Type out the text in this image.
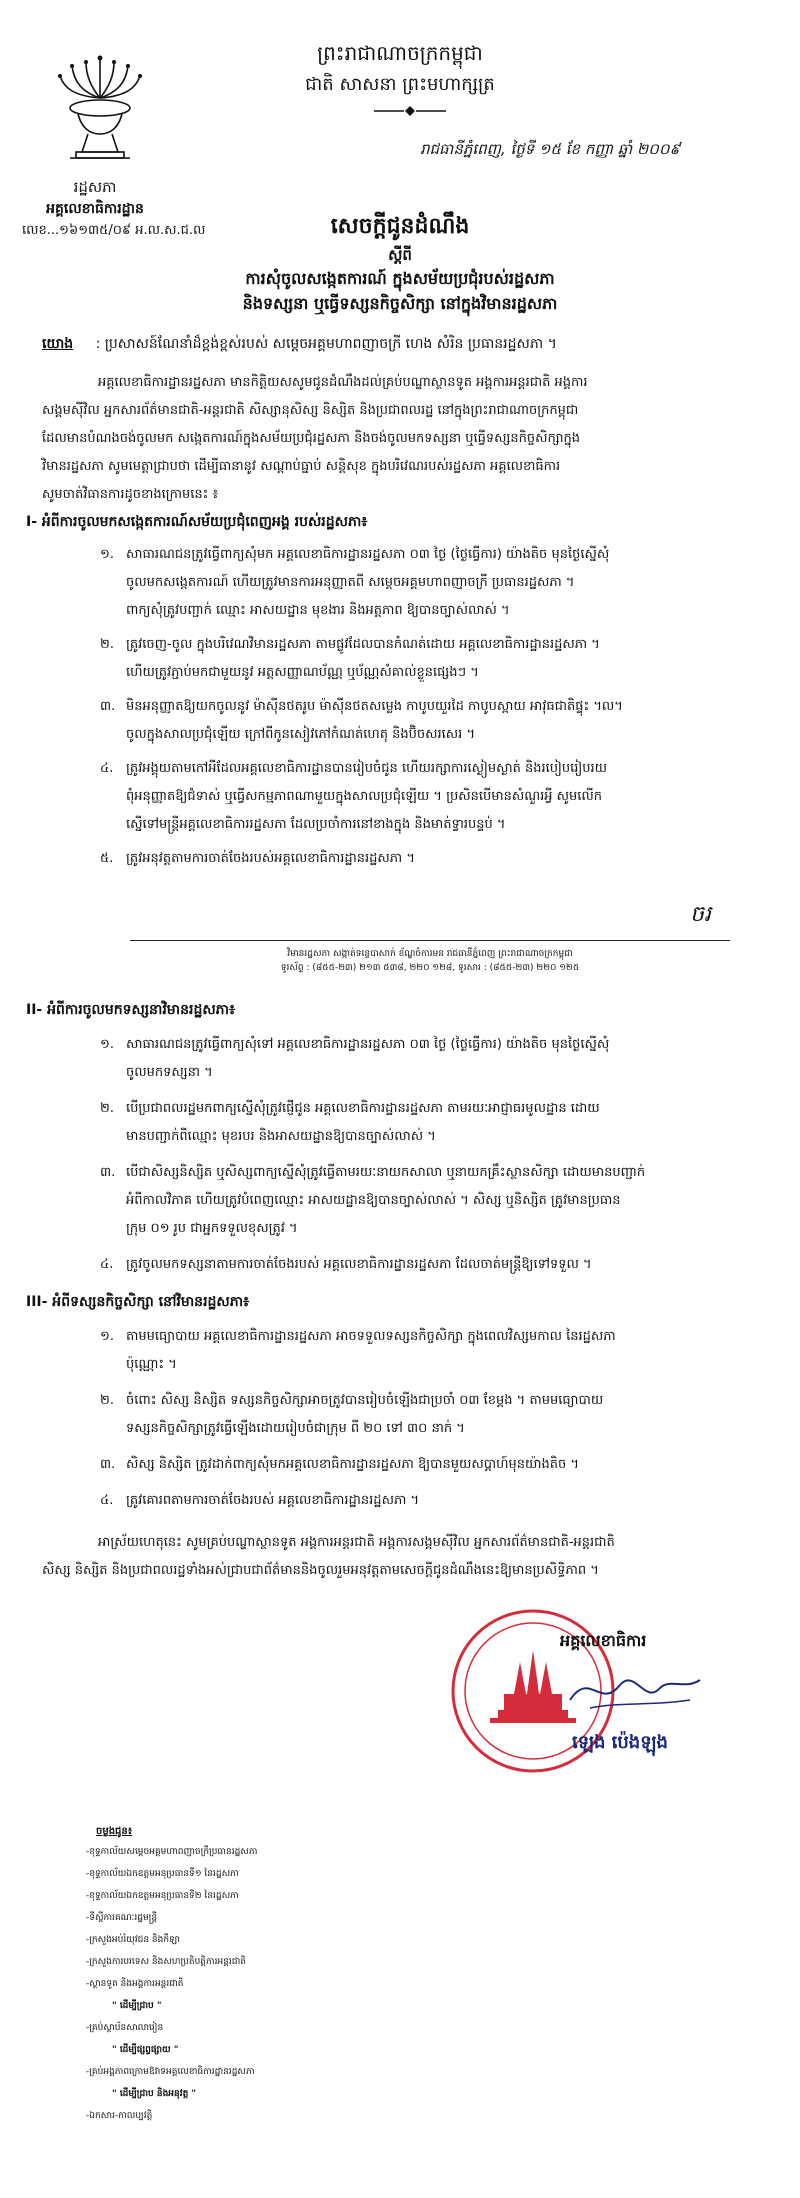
ព្រះរាជាណាចក្រកម្ពុជា
ជាតិ សាសនា ព្រះមហាក្សត្រ
រដ្ឋសភា
អគ្គលេខាធិការដ្ឋាន
លេខ...១៦១៣៥/០៩ អ.ល.ស.ជ.ល
រាជធានីភ្នំពេញ, ថ្ងៃទី ១៥ ខែ កញ្ញា ឆ្នាំ ២០០៩
សេចក្តីជូនដំណឹង
ស្តីពី
ការសុំចូលសង្កេតការណ៍ ក្នុងសម័យប្រជុំរបស់រដ្ឋសភា
និងទស្សនា ឬធ្វើទស្សនកិច្ចសិក្សា នៅក្នុងវិមានរដ្ឋសភា
យោង : ប្រសាសន៍ណែនាំដ៏ខ្ពង់ខ្ពស់របស់ សម្តេចអគ្គមហាពញាចក្រី ហេង សំរិន ប្រធានរដ្ឋសភា ។
អគ្គលេខាធិការដ្ឋានរដ្ឋសភា មានកិត្តិយសសូមជូនដំណឹងដល់គ្រប់បណ្ឌាស្ថានទូត អង្គការអន្តរជាតិ អង្គការ
សង្គមស៊ីវិល អ្នកសារព័ត៌មានជាតិ-អន្តរជាតិ សិស្សានុសិស្ស និស្សិត និងប្រជាពលរដ្ឋ នៅក្នុងព្រះរាជាណាចក្រកម្ពុជា
ដែលមានបំណងចង់ចូលមក សង្កេតការណ៍ក្នុងសម័យប្រជុំរដ្ឋសភា និងចង់ចូលមកទស្សនា ឬធ្វើទស្សនកិច្ចសិក្សាក្នុង
វិមានរដ្ឋសភា សូមមេត្តាជ្រាបថា ដើម្បីធានានូវ សណ្តាប់ធ្នាប់ សន្តិសុខ ក្នុងបរិវេណរបស់រដ្ឋសភា អគ្គលេខាធិការ
សូមចាត់វិធានការដូចខាងក្រោមនេះ ៖
I- អំពីការចូលមកសង្កេតការណ៍សម័យប្រជុំពេញអង្គ របស់រដ្ឋសភា៖
១. សាធារណជនត្រូវធ្វើពាក្យសុំមក អគ្គលេខាធិការដ្ឋានរដ្ឋសភា ០៣ ថ្ងៃ (ថ្ងៃធ្វើការ) យ៉ាងតិច មុនថ្ងៃស្នើសុំ
ចូលមកសង្កេតការណ៍ ហើយត្រូវមានការអនុញ្ញាតពី សម្តេចអគ្គមហាពញាចក្រី ប្រធានរដ្ឋសភា ។
ពាក្យសុំត្រូវបញ្ជាក់ ឈ្មោះ អាសយដ្ឋាន មុខងារ និងអត្តភាព ឱ្យបានច្បាស់លាស់ ។
២. ត្រូវចេញ-ចូល ក្នុងបរិវេណវិមានរដ្ឋសភា តាមផ្លូវដែលបានកំណត់ដោយ អគ្គលេខាធិការដ្ឋានរដ្ឋសភា ។
ហើយត្រូវភ្ជាប់មកជាមួយនូវ អត្តសញ្ញាណប័ណ្ណ ឬប័ណ្ណសំគាល់ខ្លួនផ្សេងៗ ។
៣. មិនអនុញ្ញាតឱ្យយកចូលនូវ ម៉ាស៊ីនថតរូប ម៉ាស៊ីនថតសម្លេង កាបូបយួរដៃ កាបូបស្ពាយ អាវុធជាតិផ្ទុះ ។ល។
ចូលក្នុងសាលប្រជុំឡើយ ក្រៅពីកូនសៀវភៅកំណត់ហេតុ និងប៊ិចសរសេរ ។
៤. ត្រូវអង្គុយតាមកៅអីដែលអគ្គលេខាធិការដ្ឋានបានរៀបចំជូន ហើយរក្សាការស្ងៀមស្ងាត់ និងរបៀបរៀបរយ
ពុំអនុញ្ញាតឱ្យជំទាស់ ឬធ្វើសកម្មភាពណាមួយក្នុងសាលប្រជុំឡើយ ។ ប្រសិនបើមានសំណួរអ្វី សូមលើក
ស្នើទៅមន្ត្រីអគ្គលេខាធិការរដ្ឋសភា ដែលប្រចាំការនៅខាងក្នុង និងមាត់ទ្វារបន្ទប់ ។
៥. ត្រូវអនុវត្តតាមការចាត់ចែងរបស់អគ្គលេខាធិការដ្ឋានរដ្ឋសភា ។
ចរ
វិមានរដ្ឋសភា សង្កាត់ទន្លេបាសាក់ ខ័ណ្ឌចំការមន រាជធានីភ្នំពេញ ព្រះរាជាណាចក្រកម្ពុជា
ទូរស័ព្ទ : (៨៥៥-២៣) ២១៣ ៥៣៨, ២២០ ១២៨, ទូរសារ : (៨៥៥-២៣) ២២០ ១២៥
II- អំពីការចូលមកទស្សនាវិមានរដ្ឋសភា៖
១. សាធារណជនត្រូវធ្វើពាក្យសុំទៅ អគ្គលេខាធិការដ្ឋានរដ្ឋសភា ០៣ ថ្ងៃ (ថ្ងៃធ្វើការ) យ៉ាងតិច មុនថ្ងៃស្នើសុំ
ចូលមកទស្សនា ។
២. បើប្រជាពលរដ្ឋមកពាក្យស្នើសុំត្រូវផ្ញើជូន អគ្គលេខាធិការដ្ឋានរដ្ឋសភា តាមរយៈអាជ្ញាធរមូលដ្ឋាន ដោយ
មានបញ្ជាក់ពីឈ្មោះ មុខរបរ និងអាសយដ្ឋានឱ្យបានច្បាស់លាស់ ។
៣. បើជាសិស្សនិស្សិត ឬសិស្សពាក្យស្នើសុំត្រូវធ្វើតាមរយៈនាយកសាលា ឬនាយកគ្រឹះស្ថានសិក្សា ដោយមានបញ្ជាក់
អំពីកាលវិភាគ ហើយត្រូវបំពេញឈ្មោះ អាសយដ្ឋានឱ្យបានច្បាស់លាស់ ។ សិស្ស ឬនិស្សិត ត្រូវមានប្រធាន
ក្រុម ០១ រូប ជាអ្នកទទួលខុសត្រូវ ។
៤. ត្រូវចូលមកទស្សនាតាមការចាត់ចែងរបស់ អគ្គលេខាធិការដ្ឋានរដ្ឋសភា ដែលចាត់មន្ត្រីឱ្យទៅទទួល ។
III- អំពីទស្សនកិច្ចសិក្សា នៅវិមានរដ្ឋសភា៖
១. តាមមធ្យោបាយ អគ្គលេខាធិការដ្ឋានរដ្ឋសភា អាចទទួលទស្សនកិច្ចសិក្សា ក្នុងពេលវិស្សមកាល នៃរដ្ឋសភា
ប៉ុណ្ណោះ ។
២. ចំពោះ សិស្ស និស្សិត ទស្សនកិច្ចសិក្សាអាចត្រូវបានរៀបចំឡើងជាប្រចាំ ០៣ ខែម្តង ។ តាមមធ្យោបាយ
ទស្សនកិច្ចសិក្សាត្រូវធ្វើឡើងដោយរៀបចំជាក្រុម ពី ២០ ទៅ ៣០ នាក់ ។
៣. សិស្ស និស្សិត ត្រូវដាក់ពាក្យសុំមកអគ្គលេខាធិការដ្ឋានរដ្ឋសភា ឱ្យបានមួយសប្តាហ៍មុនយ៉ាងតិច ។
៤. ត្រូវគោរពតាមការចាត់ចែងរបស់ អគ្គលេខាធិការដ្ឋានរដ្ឋសភា ។
អាស្រ័យហេតុនេះ សូមគ្រប់បណ្ឌាស្ថានទូត អង្គការអន្តរជាតិ អង្គការសង្គមស៊ីវិល អ្នកសារព័ត៌មានជាតិ-អន្តរជាតិ
សិស្ស និស្សិត និងប្រជាពលរដ្ឋទាំងអស់ជ្រាបជាព័ត៌មាននិងចូលរួមអនុវត្តតាមសេចក្តីជូនដំណឹងនេះឱ្យមានប្រសិទ្ធិភាព ។
អគ្គលេខាធិការ
ឡេង ប៉េងឡុង
ចម្លងជូន៖
-ខុទ្ទកាល័យសម្តេចអគ្គមហាពញាចក្រីប្រធានរដ្ឋសភា
-ខុទ្ទកាល័យឯកឧត្តមអនុប្រធានទី១ នៃរដ្ឋសភា
-ខុទ្ទកាល័យឯកឧត្តមអនុប្រធានទី២ នៃរដ្ឋសភា
-ទីស្តីការគណៈរដ្ឋមន្ត្រី
-ក្រសួងអប់រំយុវជន និងកីឡា
-ក្រសួងការបរទេស និងសហប្រតិបត្តិការអន្តរជាតិ
-ស្ថានទូត និងអង្គការអន្តរជាតិ
" ដើម្បីជ្រាប "
-គ្រប់ស្ថាប័នសាលារៀន
" ដើម្បីផ្សព្វផ្សាយ "
-គ្រប់អង្គភាពក្រោមឱវាទអគ្គលេខាធិការដ្ឋានរដ្ឋសភា
" ដើម្បីជ្រាប និងអនុវត្ត "
-ឯកសារ-កាលប្បវត្តិ
